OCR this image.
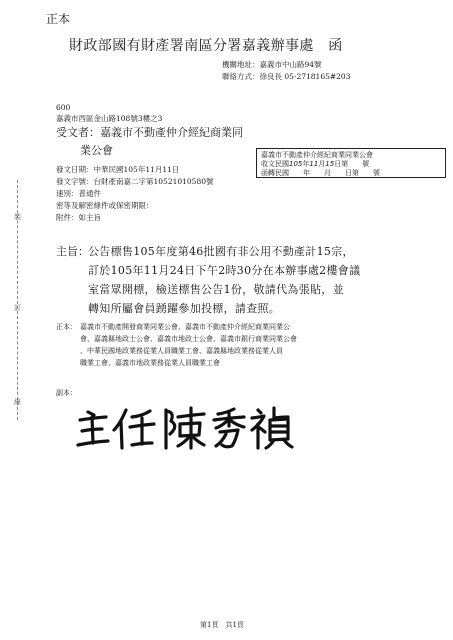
正本
財政部國有財產署南區分署嘉義辦事處　函
機關地址：嘉義市中山路94號
聯絡方式：徐良長 05-2718165#203
600
嘉義市西區金山路108號3樓之3
受文者：嘉義市不動產仲介經紀商業同
業公會
發文日期：中華民國105年11月11日
發文字號：台財產南嘉二字第10521010580號
速別：普通件
密等及解密條件或保密期限：
附件：如主旨
嘉義市不動產仲介經紀商業同業公會
收文民國105年11月15日第　　號
函轉民國　　年　　月　　日第　　號
主旨： 公告標售105年度第46批國有非公用不動產計15宗，
訂於105年11月24日下午2時30分在本辦事處2樓會議
室當眾開標，檢送標售公告1份，敬請代為張貼，並
轉知所屬會員踴躍參加投標，請查照。
正本： 嘉義市不動產開發商業同業公會、嘉義市不動產仲介經紀商業同業公
會、嘉義縣地政士公會、嘉義市地政士公會、嘉義市銀行商業同業公會
、中華民國地政業務從業人員職業工會、嘉義縣地政業務從業人員
職業工會、嘉義市地政業務從業人員職業工會
副本：
裝
訂
線
第1頁　共1頁
